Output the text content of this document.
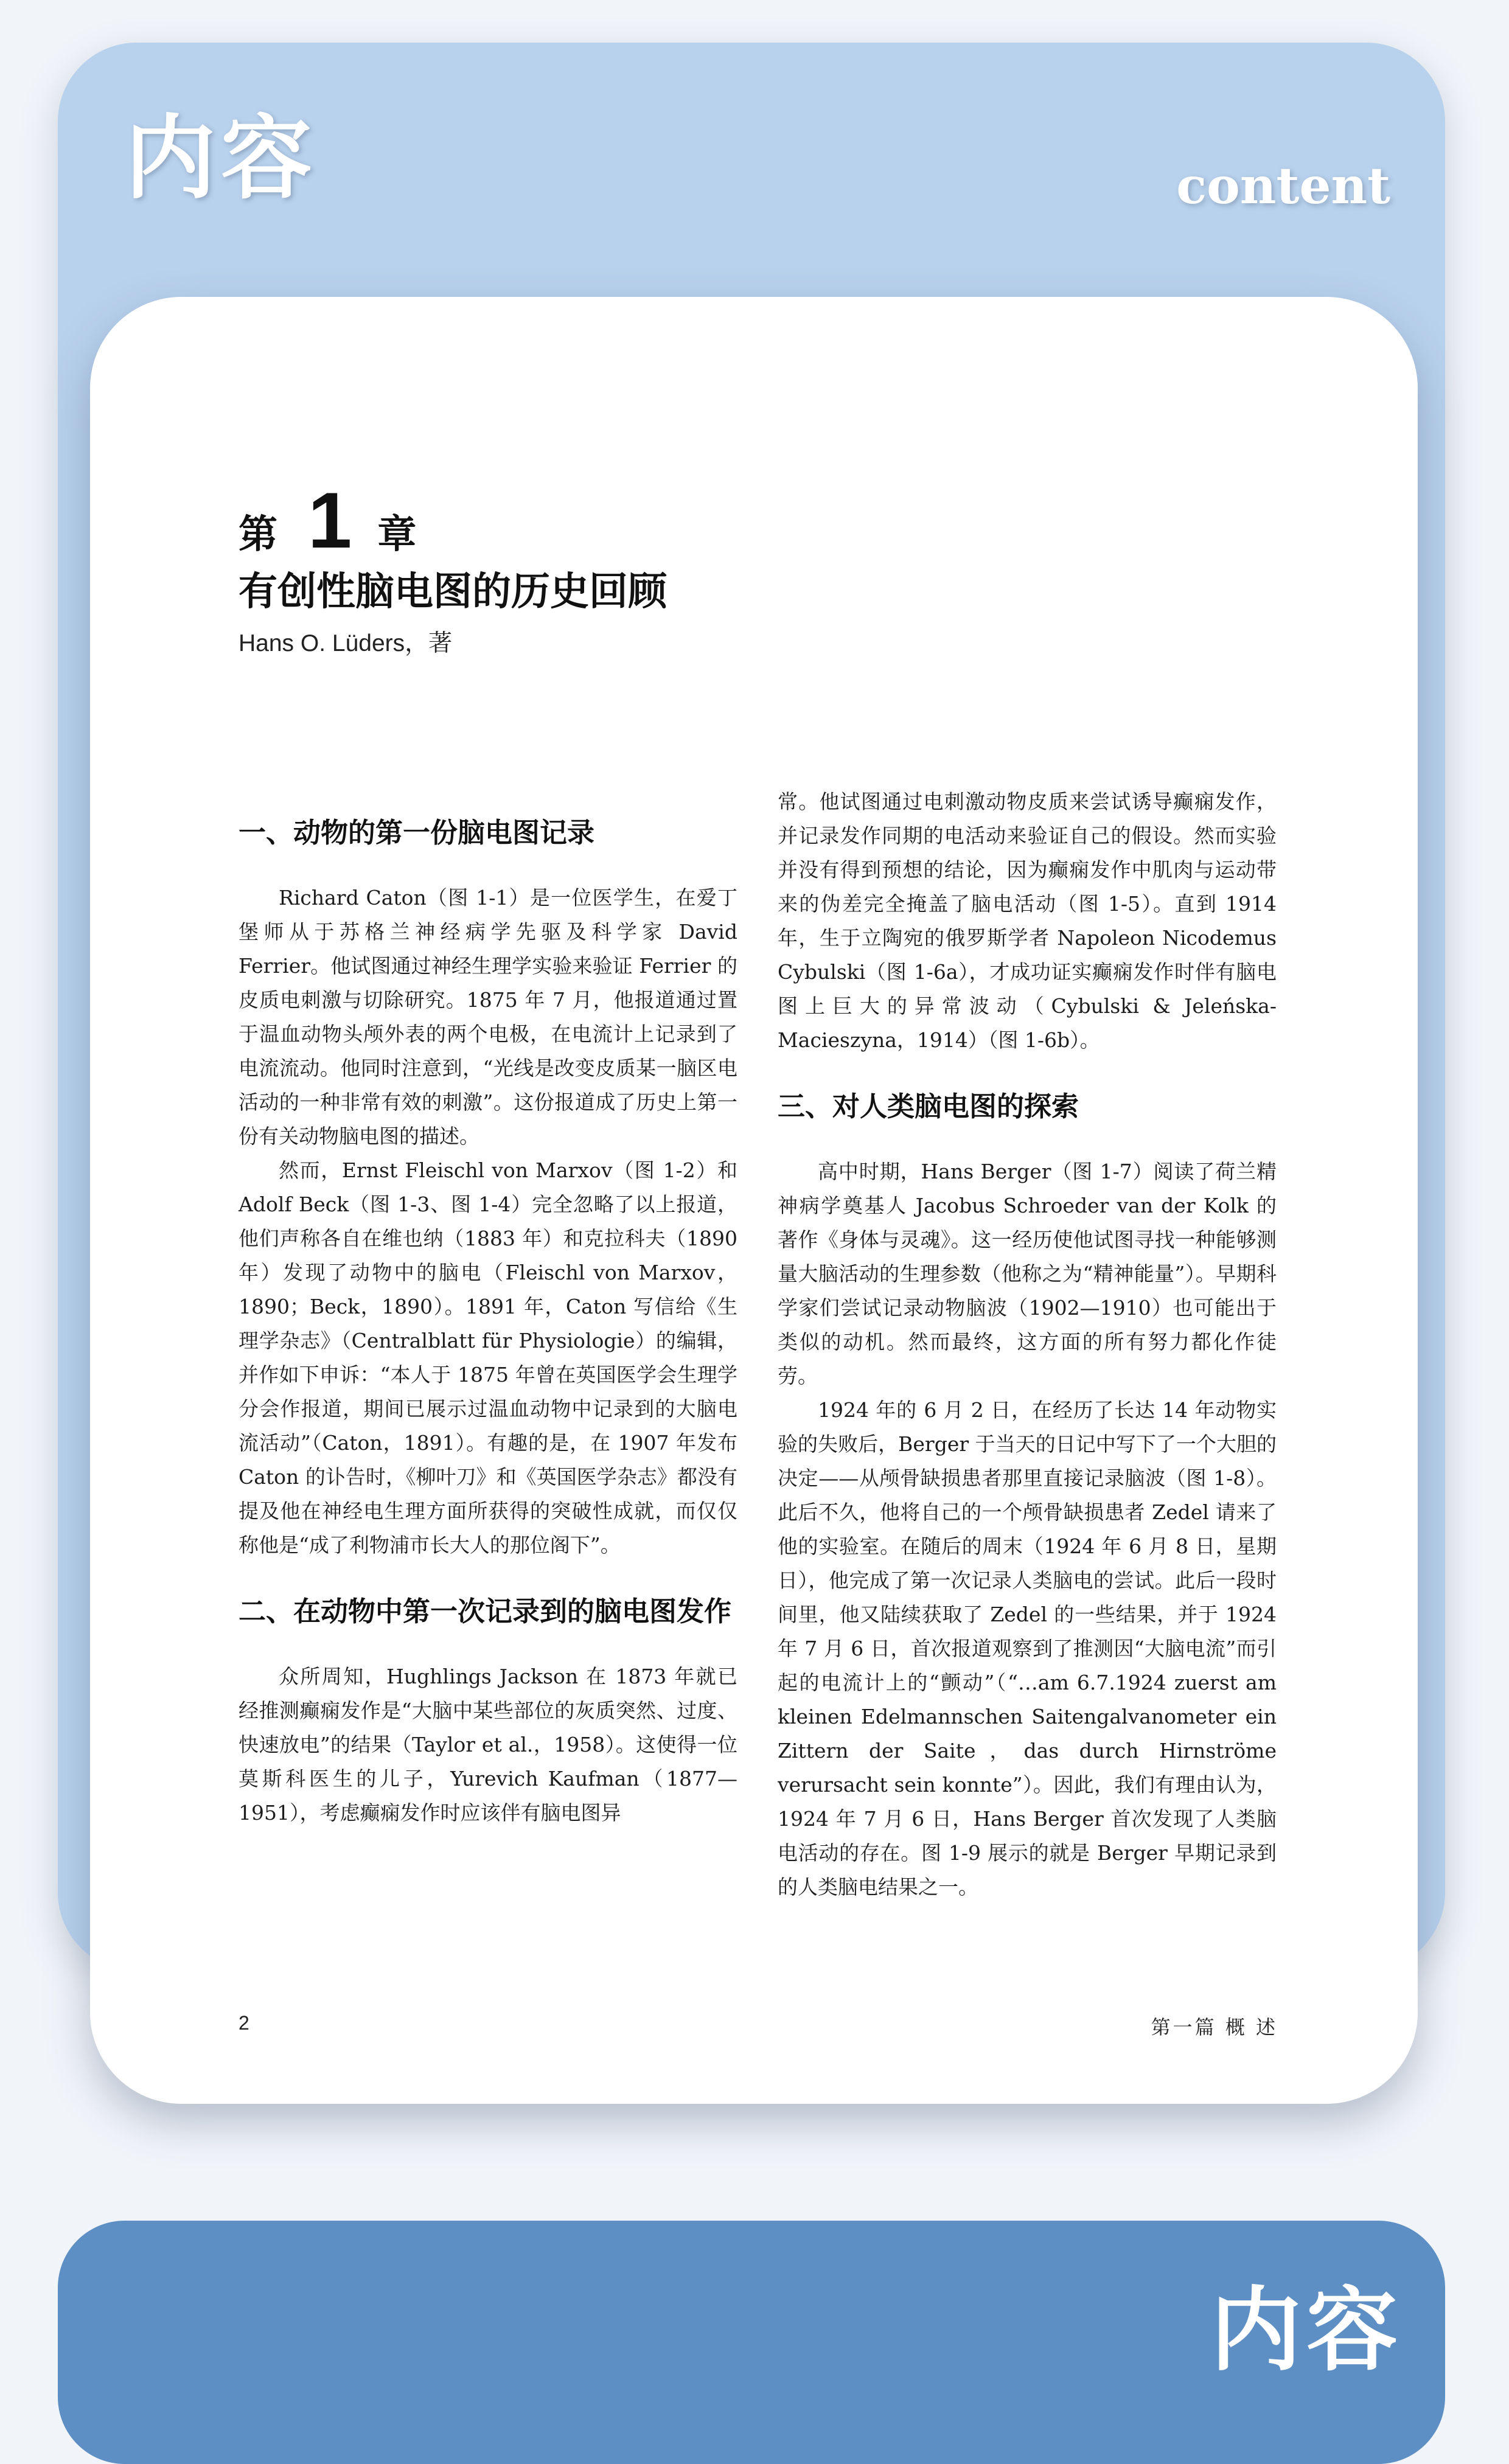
内容	content
第 1 章
有创性脑电图的历史回顾
Hans O. Lüders，著
一、动物的第一份脑电图记录

Richard Caton（图 1-1）是一位医学生，在爱丁堡师从于苏格兰神经病学先驱及科学家 David Ferrier。他试图通过神经生理学实验来验证 Ferrier 的皮质电刺激与切除研究。1875 年 7 月，他报道通过置于温血动物头颅外表的两个电极，在电流计上记录到了电流流动。他同时注意到，“光线是改变皮质某一脑区电活动的一种非常有效的刺激”。这份报道成了历史上第一份有关动物脑电图的描述。

然而，Ernst Fleischl von Marxov（图 1-2）和 Adolf Beck（图 1-3、图 1-4）完全忽略了以上报道，他们声称各自在维也纳（1883 年）和克拉科夫（1890 年）发现了动物中的脑电（Fleischl von Marxov，1890；Beck，1890）。1891 年，Caton 写信给《生理学杂志》（Centralblatt für Physiologie）的编辑，并作如下申诉：“本人于 1875 年曾在英国医学会生理学分会作报道，期间已展示过温血动物中记录到的大脑电流活动”（Caton，1891）。有趣的是，在 1907 年发布 Caton 的讣告时，《柳叶刀》和《英国医学杂志》都没有提及他在神经电生理方面所获得的突破性成就，而仅仅称他是“成了利物浦市长大人的那位阁下”。

二、在动物中第一次记录到的脑电图发作

众所周知，Hughlings Jackson 在 1873 年就已经推测癫痫发作是“大脑中某些部位的灰质突然、过度、快速放电”的结果（Taylor et al.，1958）。这使得一位莫斯科医生的儿子，Yurevich Kaufman（1877—1951），考虑癫痫发作时应该伴有脑电图异

常。他试图通过电刺激动物皮质来尝试诱导癫痫发作，并记录发作同期的电活动来验证自己的假设。然而实验并没有得到预想的结论，因为癫痫发作中肌肉与运动带来的伪差完全掩盖了脑电活动（图 1-5）。直到 1914 年，生于立陶宛的俄罗斯学者 Napoleon Nicodemus Cybulski（图 1-6a），才成功证实癫痫发作时伴有脑电图上巨大的异常波动（Cybulski & Jeleńska-Macieszyna，1914）（图 1-6b）。

三、对人类脑电图的探索

高中时期，Hans Berger（图 1-7）阅读了荷兰精神病学奠基人 Jacobus Schroeder van der Kolk 的著作《身体与灵魂》。这一经历使他试图寻找一种能够测量大脑活动的生理参数（他称之为“精神能量”）。早期科学家们尝试记录动物脑波（1902—1910）也可能出于类似的动机。然而最终，这方面的所有努力都化作徒劳。

1924 年的 6 月 2 日，在经历了长达 14 年动物实验的失败后，Berger 于当天的日记中写下了一个大胆的决定——从颅骨缺损患者那里直接记录脑波（图 1-8）。此后不久，他将自己的一个颅骨缺损患者 Zedel 请来了他的实验室。在随后的周末（1924 年 6 月 8 日，星期日），他完成了第一次记录人类脑电的尝试。此后一段时间里，他又陆续获取了 Zedel 的一些结果，并于 1924 年 7 月 6 日，首次报道观察到了推测因“大脑电流”而引起的电流计上的“颤动”（“…am 6.7.1924 zuerst am kleinen Edelmannschen Saitengalvanometer ein Zittern der Saite，das durch Hirnströme verursacht sein konnte”）。因此，我们有理由认为，1924 年 7 月 6 日，Hans Berger 首次发现了人类脑电活动的存在。图 1-9 展示的就是 Berger 早期记录到的人类脑电结果之一。

2	第一篇 概 述
内容
